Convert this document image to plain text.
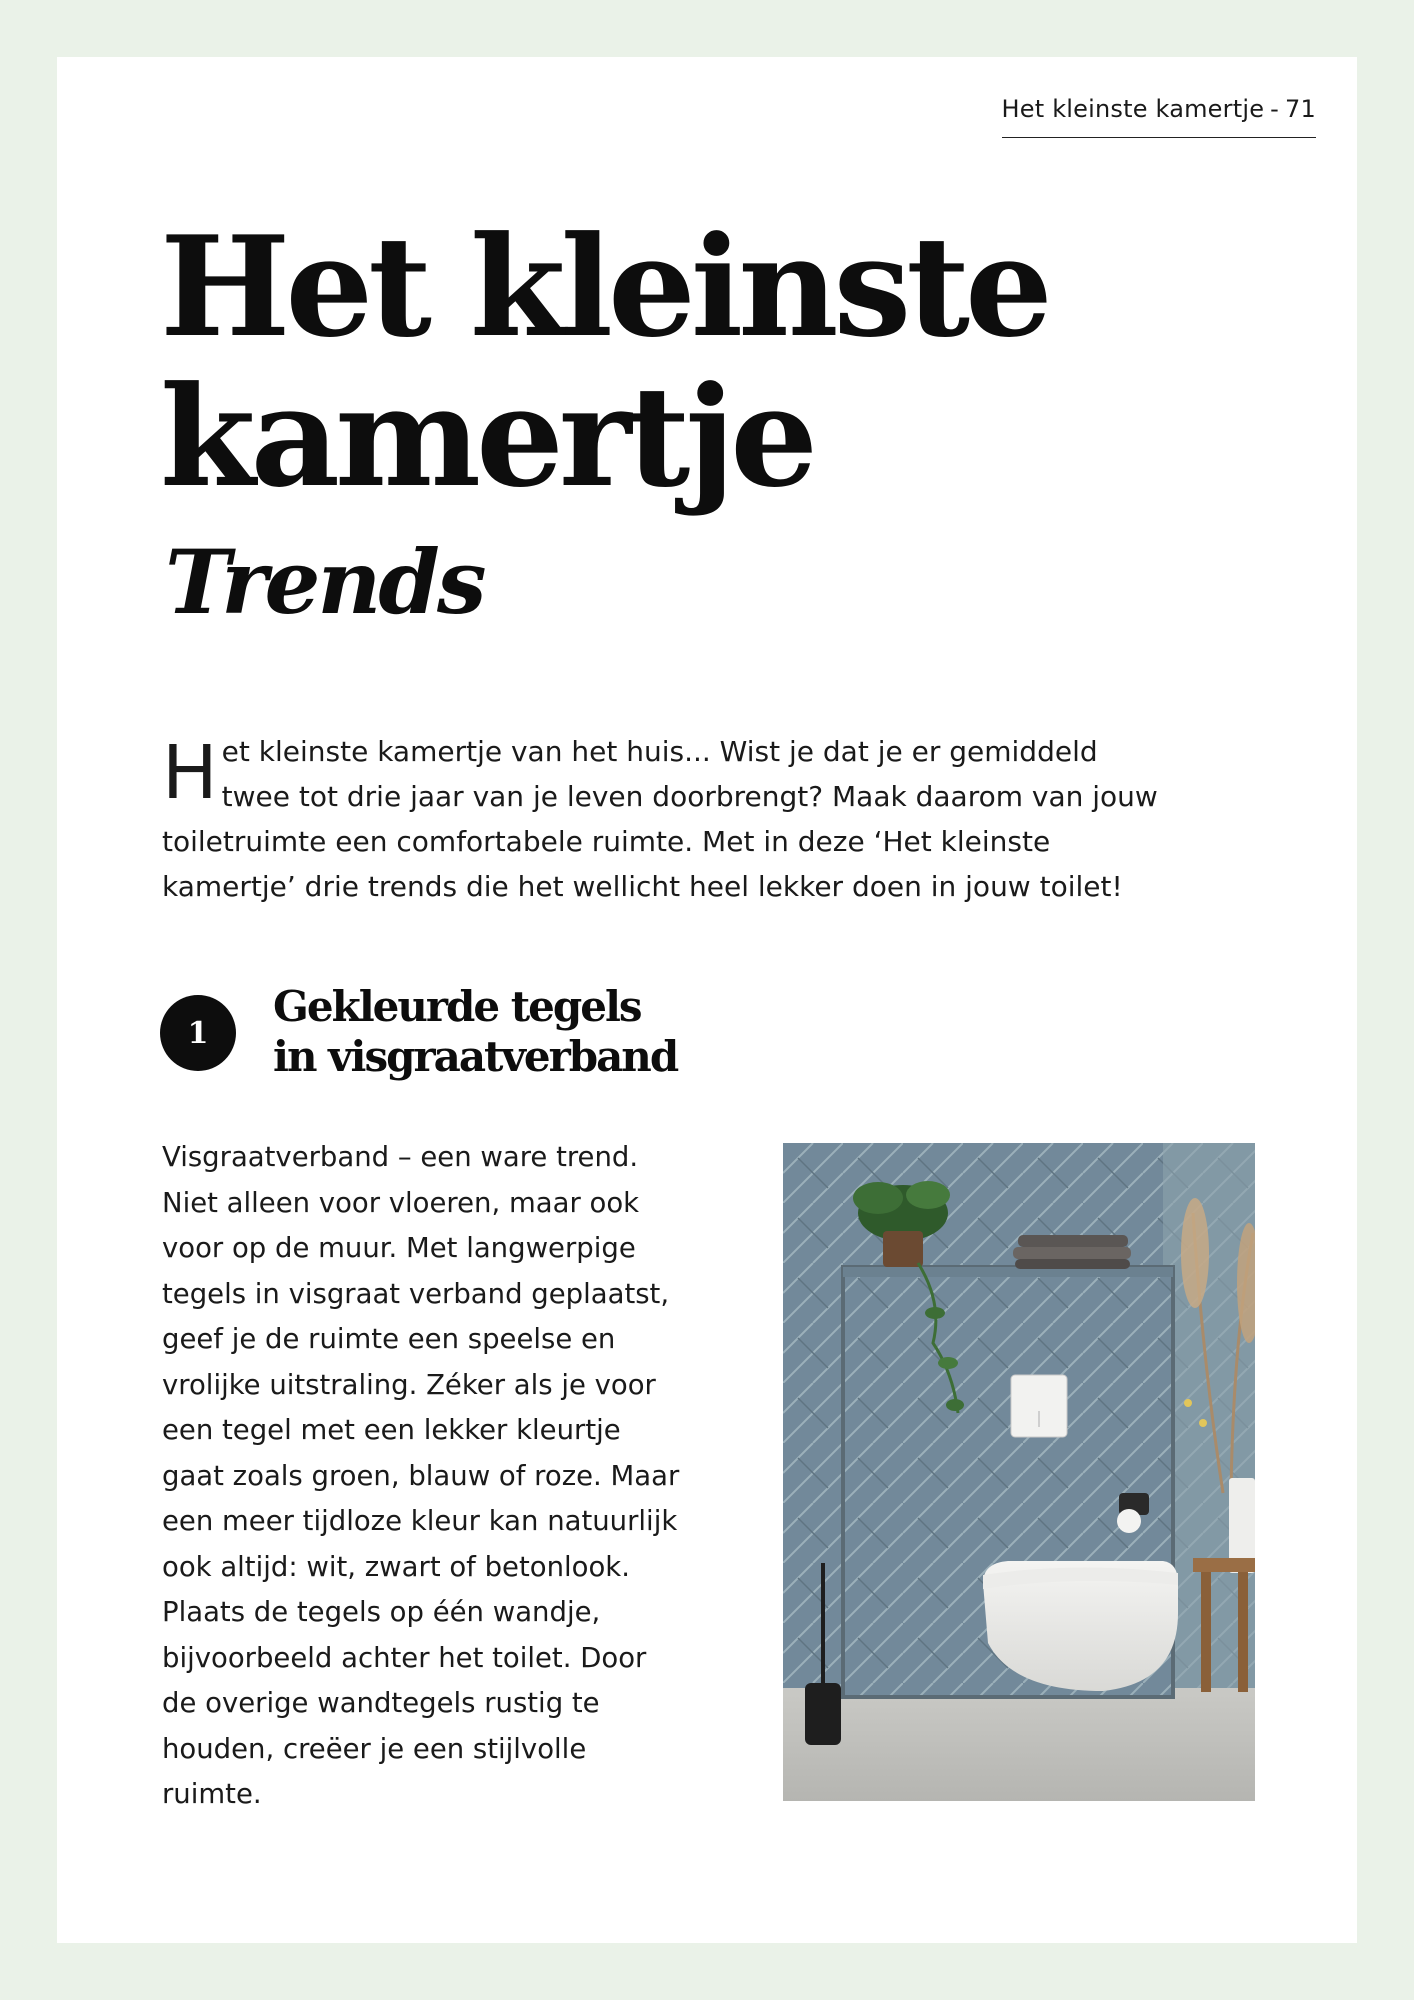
Het kleinste kamertje - 71
Het kleinste
kamertje
Trends

Het kleinste kamertje van het huis... Wist je dat je er gemiddeld twee tot drie jaar van je leven doorbrengt? Maak daarom van jouw toiletruimte een comfortabele ruimte. Met in deze ‘Het kleinste kamertje’ drie trends die het wellicht heel lekker doen in jouw toilet!

1
Gekleurde tegels
in visgraatverband

Visgraatverband – een ware trend. Niet alleen voor vloeren, maar ook voor op de muur. Met langwerpige tegels in visgraat verband geplaatst, geef je de ruimte een speelse en vrolijke uitstraling. Zéker als je voor een tegel met een lekker kleurtje gaat zoals groen, blauw of roze. Maar een meer tijdloze kleur kan natuurlijk ook altijd: wit, zwart of betonlook. Plaats de tegels op één wandje, bijvoorbeeld achter het toilet. Door de overige wandtegels rustig te houden, creëer je een stijlvolle ruimte.
